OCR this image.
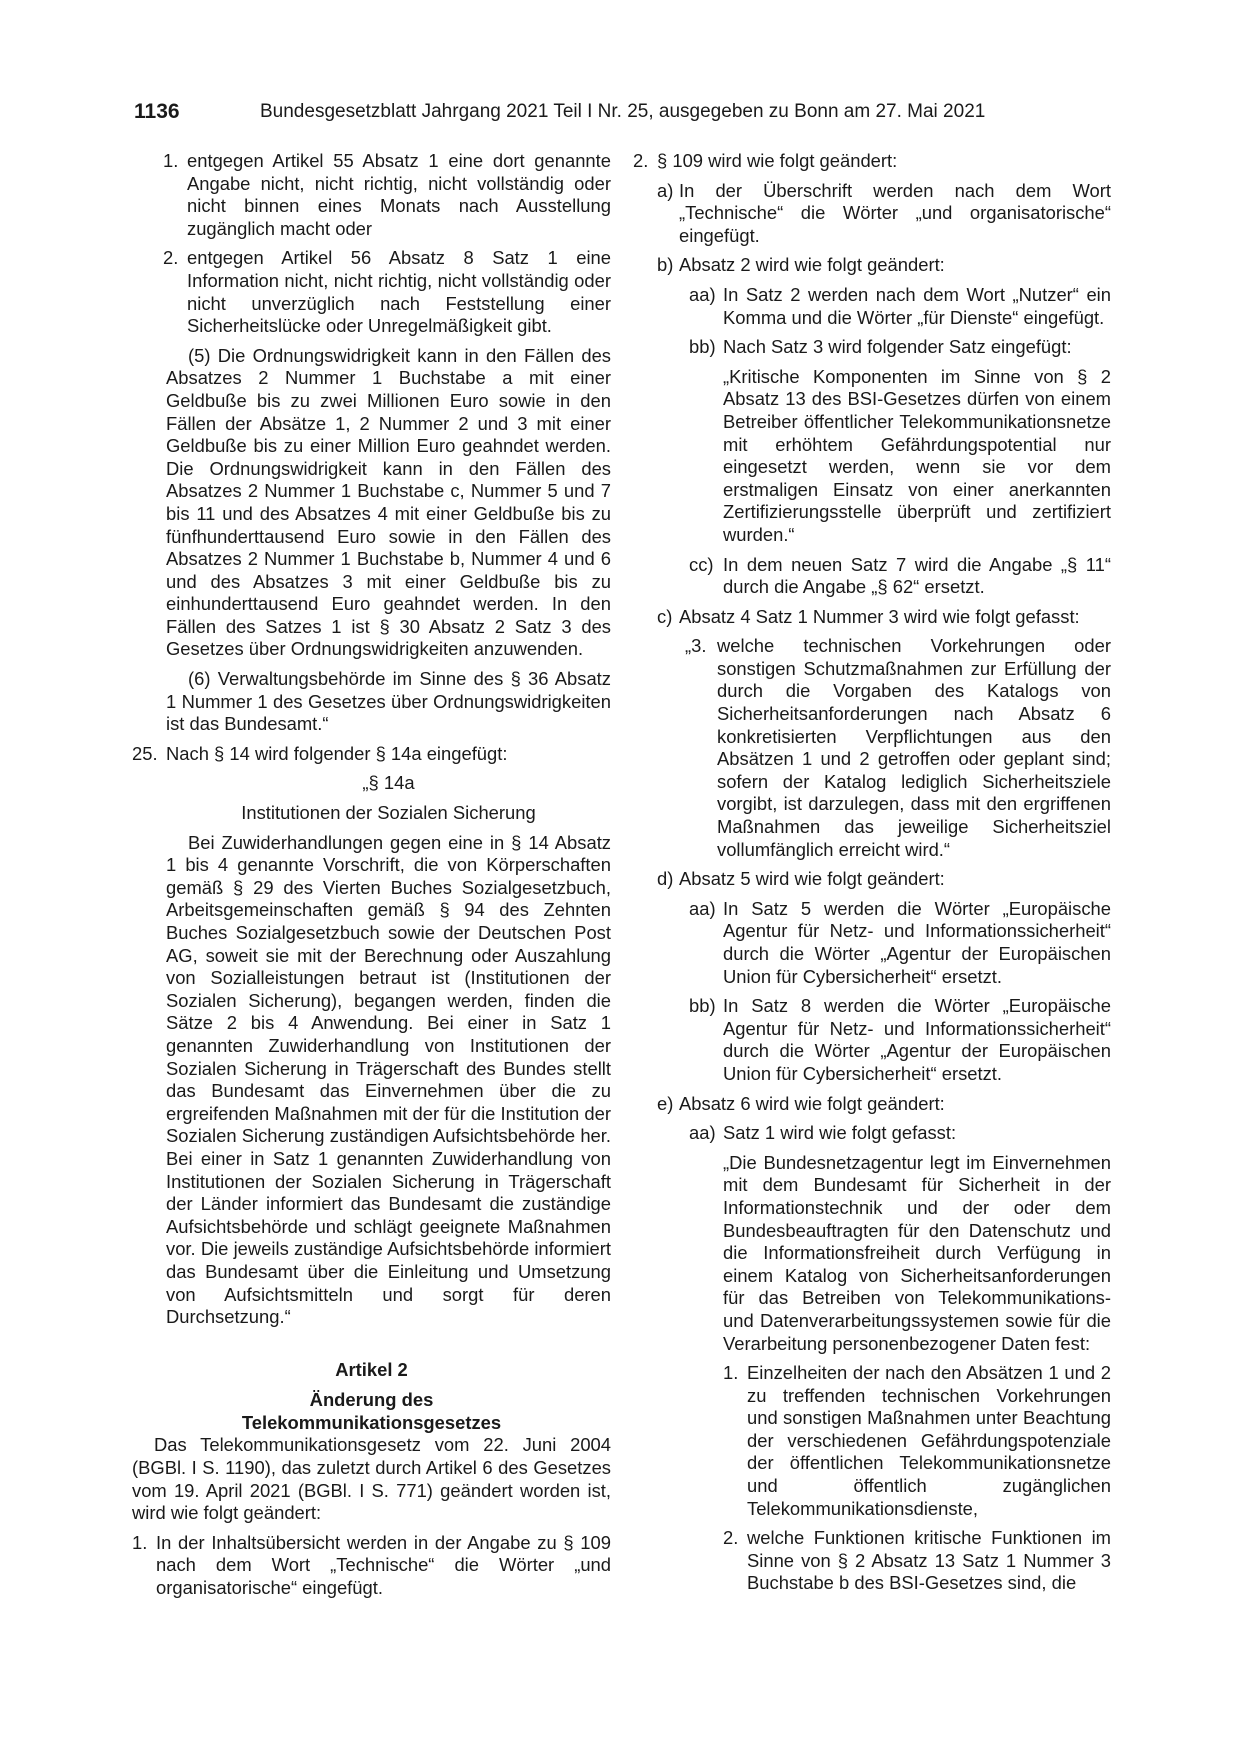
1136	Bundesgesetzblatt Jahrgang 2021 Teil I Nr. 25, ausgegeben zu Bonn am 27. Mai 2021
1. entgegen Artikel 55 Absatz 1 eine dort genannte Angabe nicht, nicht richtig, nicht vollständig oder nicht binnen eines Monats nach Ausstellung zugänglich macht oder
2. entgegen Artikel 56 Absatz 8 Satz 1 eine Information nicht, nicht richtig, nicht vollständig oder nicht unverzüglich nach Feststellung einer Sicherheitslücke oder Unregelmäßigkeit gibt.

(5) Die Ordnungswidrigkeit kann in den Fällen des Absatzes 2 Nummer 1 Buchstabe a mit einer Geldbuße bis zu zwei Millionen Euro sowie in den Fällen der Absätze 1, 2 Nummer 2 und 3 mit einer Geldbuße bis zu einer Million Euro geahndet werden. Die Ordnungswidrigkeit kann in den Fällen des Absatzes 2 Nummer 1 Buchstabe c, Nummer 5 und 7 bis 11 und des Absatzes 4 mit einer Geldbuße bis zu fünfhunderttausend Euro sowie in den Fällen des Absatzes 2 Nummer 1 Buchstabe b, Nummer 4 und 6 und des Absatzes 3 mit einer Geldbuße bis zu einhunderttausend Euro geahndet werden. In den Fällen des Satzes 1 ist § 30 Absatz 2 Satz 3 des Gesetzes über Ordnungswidrigkeiten anzuwenden.

(6) Verwaltungsbehörde im Sinne des § 36 Absatz 1 Nummer 1 des Gesetzes über Ordnungswidrigkeiten ist das Bundesamt.“

25. Nach § 14 wird folgender § 14a eingefügt:

„§ 14a

Institutionen der Sozialen Sicherung

Bei Zuwiderhandlungen gegen eine in § 14 Absatz 1 bis 4 genannte Vorschrift, die von Körperschaften gemäß § 29 des Vierten Buches Sozialgesetzbuch, Arbeitsgemeinschaften gemäß § 94 des Zehnten Buches Sozialgesetzbuch sowie der Deutschen Post AG, soweit sie mit der Berechnung oder Auszahlung von Sozialleistungen betraut ist (Institutionen der Sozialen Sicherung), begangen werden, finden die Sätze 2 bis 4 Anwendung. Bei einer in Satz 1 genannten Zuwiderhandlung von Institutionen der Sozialen Sicherung in Trägerschaft des Bundes stellt das Bundesamt das Einvernehmen über die zu ergreifenden Maßnahmen mit der für die Institution der Sozialen Sicherung zuständigen Aufsichtsbehörde her. Bei einer in Satz 1 genannten Zuwiderhandlung von Institutionen der Sozialen Sicherung in Trägerschaft der Länder informiert das Bundesamt die zuständige Aufsichtsbehörde und schlägt geeignete Maßnahmen vor. Die jeweils zuständige Aufsichtsbehörde informiert das Bundesamt über die Einleitung und Umsetzung von Aufsichtsmitteln und sorgt für deren Durchsetzung.“

Artikel 2

Änderung des

Telekommunikationsgesetzes

Das Telekommunikationsgesetz vom 22. Juni 2004 (BGBl. I S. 1190), das zuletzt durch Artikel 6 des Gesetzes vom 19. April 2021 (BGBl. I S. 771) geändert worden ist, wird wie folgt geändert:

1. In der Inhaltsübersicht werden in der Angabe zu § 109 nach dem Wort „Technische“ die Wörter „und organisatorische“ eingefügt.
2. § 109 wird wie folgt geändert:
a) In der Überschrift werden nach dem Wort „Technische“ die Wörter „und organisatorische“ eingefügt.
b) Absatz 2 wird wie folgt geändert:
aa) In Satz 2 werden nach dem Wort „Nutzer“ ein Komma und die Wörter „für Dienste“ eingefügt.
bb) Nach Satz 3 wird folgender Satz eingefügt:

„Kritische Komponenten im Sinne von § 2 Absatz 13 des BSI-Gesetzes dürfen von einem Betreiber öffentlicher Telekommunikationsnetze mit erhöhtem Gefährdungspotential nur eingesetzt werden, wenn sie vor dem erstmaligen Einsatz von einer anerkannten Zertifizierungsstelle überprüft und zertifiziert wurden.“

cc) In dem neuen Satz 7 wird die Angabe „§ 11“ durch die Angabe „§ 62“ ersetzt.
c) Absatz 4 Satz 1 Nummer 3 wird wie folgt gefasst:
„3. welche technischen Vorkehrungen oder sonstigen Schutzmaßnahmen zur Erfüllung der durch die Vorgaben des Katalogs von Sicherheitsanforderungen nach Absatz 6 konkretisierten Verpflichtungen aus den Absätzen 1 und 2 getroffen oder geplant sind; sofern der Katalog lediglich Sicherheitsziele vorgibt, ist darzulegen, dass mit den ergriffenen Maßnahmen das jeweilige Sicherheitsziel vollumfänglich erreicht wird.“
d) Absatz 5 wird wie folgt geändert:
aa) In Satz 5 werden die Wörter „Europäische Agentur für Netz- und Informationssicherheit“ durch die Wörter „Agentur der Europäischen Union für Cybersicherheit“ ersetzt.
bb) In Satz 8 werden die Wörter „Europäische Agentur für Netz- und Informationssicherheit“ durch die Wörter „Agentur der Europäischen Union für Cybersicherheit“ ersetzt.
e) Absatz 6 wird wie folgt geändert:
aa) Satz 1 wird wie folgt gefasst:

„Die Bundesnetzagentur legt im Einvernehmen mit dem Bundesamt für Sicherheit in der Informationstechnik und der oder dem Bundesbeauftragten für den Datenschutz und die Informationsfreiheit durch Verfügung in einem Katalog von Sicherheitsanforderungen für das Betreiben von Telekommunikations- und Datenverarbeitungssystemen sowie für die Verarbeitung personenbezogener Daten fest:

1. Einzelheiten der nach den Absätzen 1 und 2 zu treffenden technischen Vorkehrungen und sonstigen Maßnahmen unter Beachtung der verschiedenen Gefährdungspotenziale der öffentlichen Telekommunikationsnetze und öffentlich zugänglichen Telekommunikationsdienste,
2. welche Funktionen kritische Funktionen im Sinne von § 2 Absatz 13 Satz 1 Nummer 3 Buchstabe b des BSI-Gesetzes sind, die
